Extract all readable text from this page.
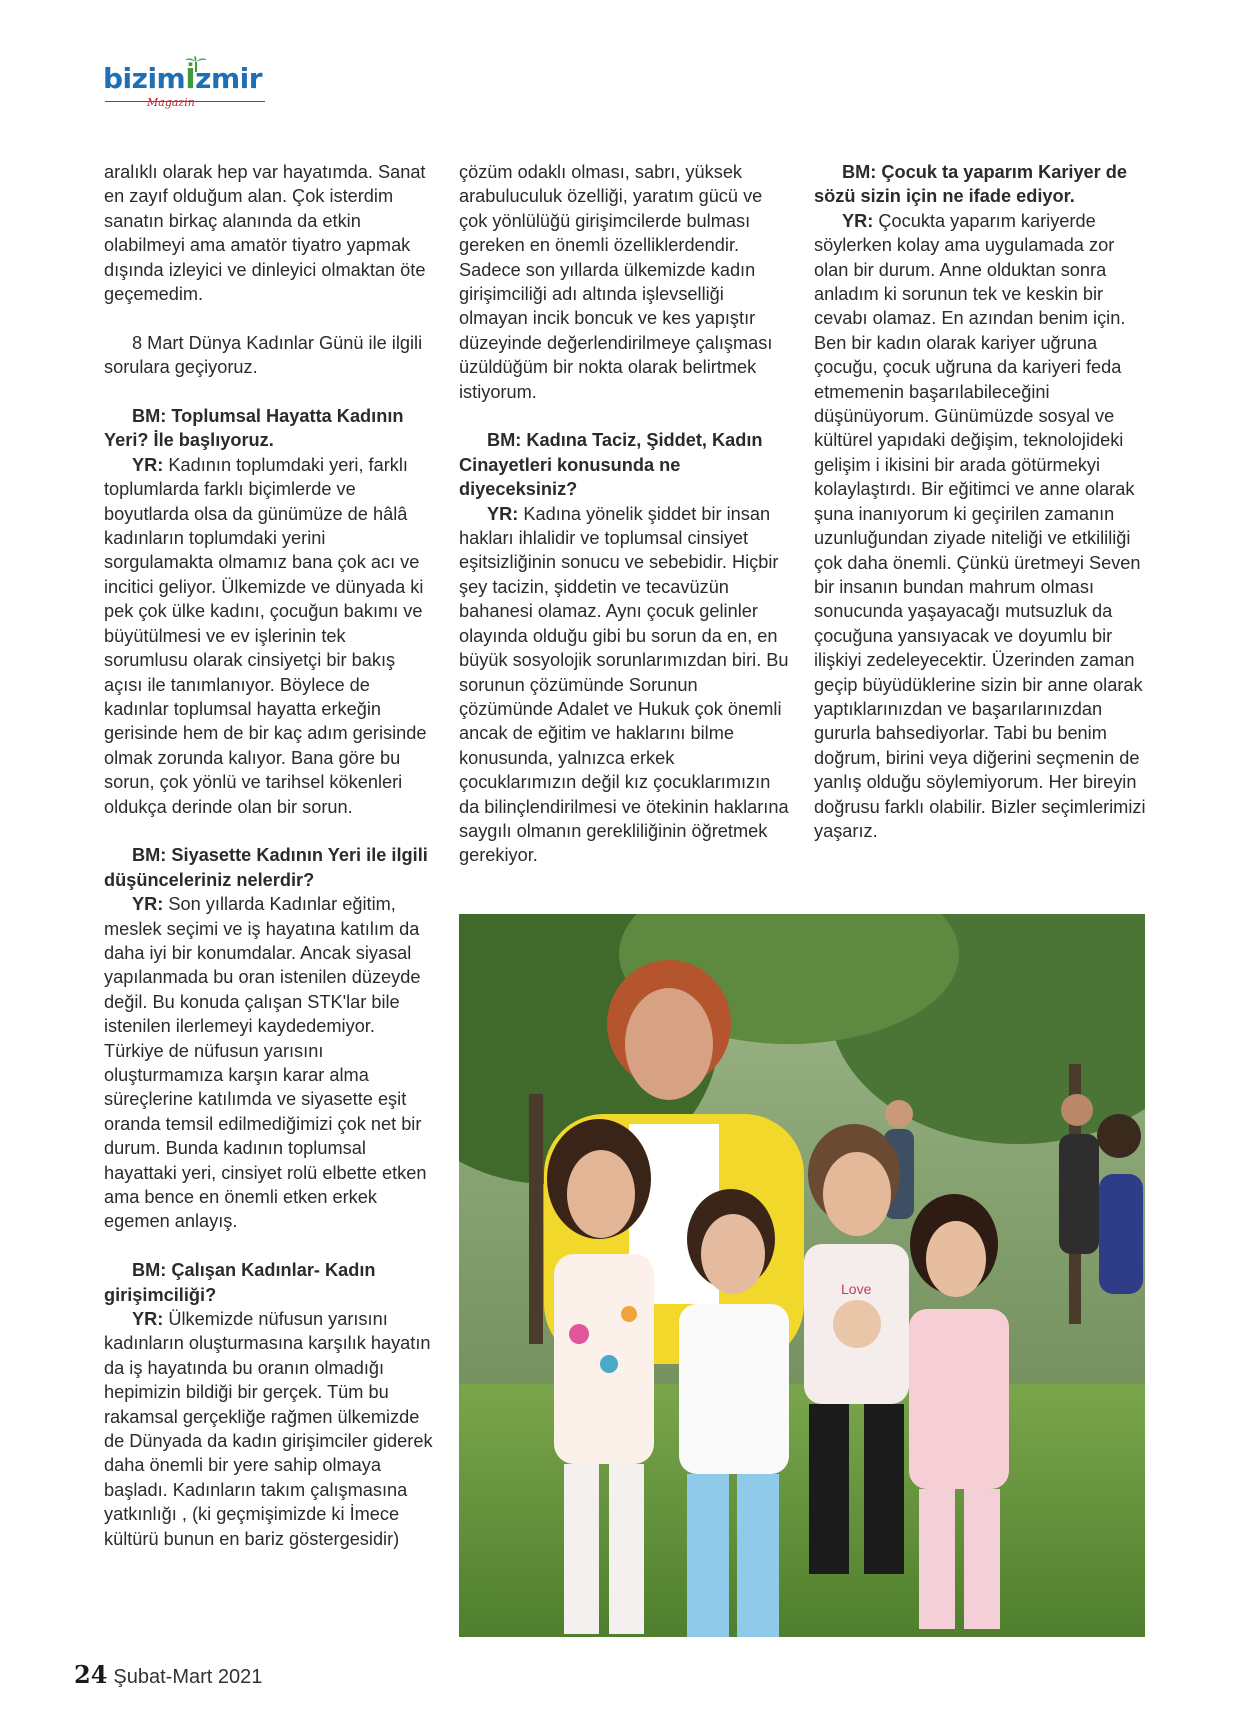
bizimİzmir
Magazin

aralıklı olarak hep var hayatımda. Sanat en zayıf olduğum alan. Çok isterdim sanatın birkaç alanında da etkin olabilmeyi ama amatör tiyatro yapmak dışında izleyici ve dinleyici olmaktan öte geçemedim.

8 Mart Dünya Kadınlar Günü ile ilgili sorulara geçiyoruz.

BM: Toplumsal Hayatta Kadının Yeri? İle başlıyoruz.

YR: Kadının toplumdaki yeri, farklı toplumlarda farklı biçimlerde ve boyutlarda olsa da günümüze de hâlâ kadınların toplumdaki yerini sorgulamakta olmamız bana çok acı ve incitici geliyor. Ülkemizde ve dünyada ki pek çok ülke kadını, çocuğun bakımı ve büyütülmesi ve ev işlerinin tek sorumlusu olarak cinsiyetçi bir bakış açısı ile tanımlanıyor. Böylece de kadınlar toplumsal hayatta erkeğin gerisinde hem de bir kaç adım gerisinde olmak zorunda kalıyor. Bana göre bu sorun, çok yönlü ve tarihsel kökenleri oldukça derinde olan bir sorun.

BM: Siyasette Kadının Yeri ile ilgili düşünceleriniz nelerdir?

YR: Son yıllarda Kadınlar eğitim, meslek seçimi ve iş hayatına katılım da daha iyi bir konumdalar. Ancak siyasal yapılanmada bu oran istenilen düzeyde değil. Bu konuda çalışan STK'lar bile istenilen ilerlemeyi kaydedemiyor. Türkiye de nüfusun yarısını oluşturmamıza karşın karar alma süreçlerine katılımda ve siyasette eşit oranda temsil edilmediğimizi çok net bir durum. Bunda kadının toplumsal hayattaki yeri, cinsiyet rolü elbette etken ama bence en önemli etken erkek egemen anlayış.

BM: Çalışan Kadınlar- Kadın girişimciliği?

YR: Ülkemizde nüfusun yarısını kadınların oluşturmasına karşılık hayatın da iş hayatında bu oranın olmadığı hepimizin bildiği bir gerçek. Tüm bu rakamsal gerçekliğe rağmen ülkemizde de Dünyada da kadın girişimciler giderek daha önemli bir yere sahip olmaya başladı. Kadınların takım çalışmasına yatkınlığı , (ki geçmişimizde ki İmece kültürü bunun en bariz göstergesidir)

çözüm odaklı olması, sabrı, yüksek arabuluculuk özelliği, yaratım gücü ve çok yönlülüğü girişimcilerde bulması gereken en önemli özelliklerdendir. Sadece son yıllarda ülkemizde kadın girişimciliği adı altında işlevselliği olmayan incik boncuk ve kes yapıştır düzeyinde değerlendirilmeye çalışması üzüldüğüm bir nokta olarak belirtmek istiyorum.

BM: Kadına Taciz, Şiddet, Kadın Cinayetleri konusunda ne diyeceksiniz?

YR: Kadına yönelik şiddet bir insan hakları ihlalidir ve toplumsal cinsiyet eşitsizliğinin sonucu ve sebebidir. Hiçbir şey tacizin, şiddetin ve tecavüzün bahanesi olamaz. Aynı çocuk gelinler olayında olduğu gibi bu sorun da en, en büyük sosyolojik sorunlarımızdan biri. Bu sorunun çözümünde Sorunun çözümünde Adalet ve Hukuk çok önemli ancak de eğitim ve haklarını bilme konusunda, yalnızca erkek çocuklarımızın değil kız çocuklarımızın da bilinçlendirilmesi ve ötekinin haklarına saygılı olmanın gerekliliğinin öğretmek gerekiyor.

BM: Çocuk ta yaparım Kariyer de sözü sizin için ne ifade ediyor.

YR: Çocukta yaparım kariyerde söylerken kolay ama uygulamada zor olan bir durum. Anne olduktan sonra anladım ki sorunun tek ve keskin bir cevabı olamaz. En azından benim için. Ben bir kadın olarak kariyer uğruna çocuğu, çocuk uğruna da kariyeri feda etmemenin başarılabileceğini düşünüyorum. Günümüzde sosyal ve kültürel yapıdaki değişim, teknolojideki gelişim i ikisini bir arada götürmekyi kolaylaştırdı. Bir eğitimci ve anne olarak şuna inanıyorum ki geçirilen zamanın uzunluğundan ziyade niteliği ve etkililiği çok daha önemli. Çünkü üretmeyi Seven bir insanın bundan mahrum olması sonucunda yaşayacağı mutsuzluk da çocuğuna yansıyacak ve doyumlu bir ilişkiyi zedeleyecektir. Üzerinden zaman geçip büyüdüklerine sizin bir anne olarak yaptıklarınızdan ve başarılarınızdan gururla bahsediyorlar. Tabi bu benim doğrum, birini veya diğerini seçmenin de yanlış olduğu söylemiyorum. Her bireyin doğrusu farklı olabilir. Bizler seçimlerimizi yaşarız.

Love
24 Şubat-Mart 2021
